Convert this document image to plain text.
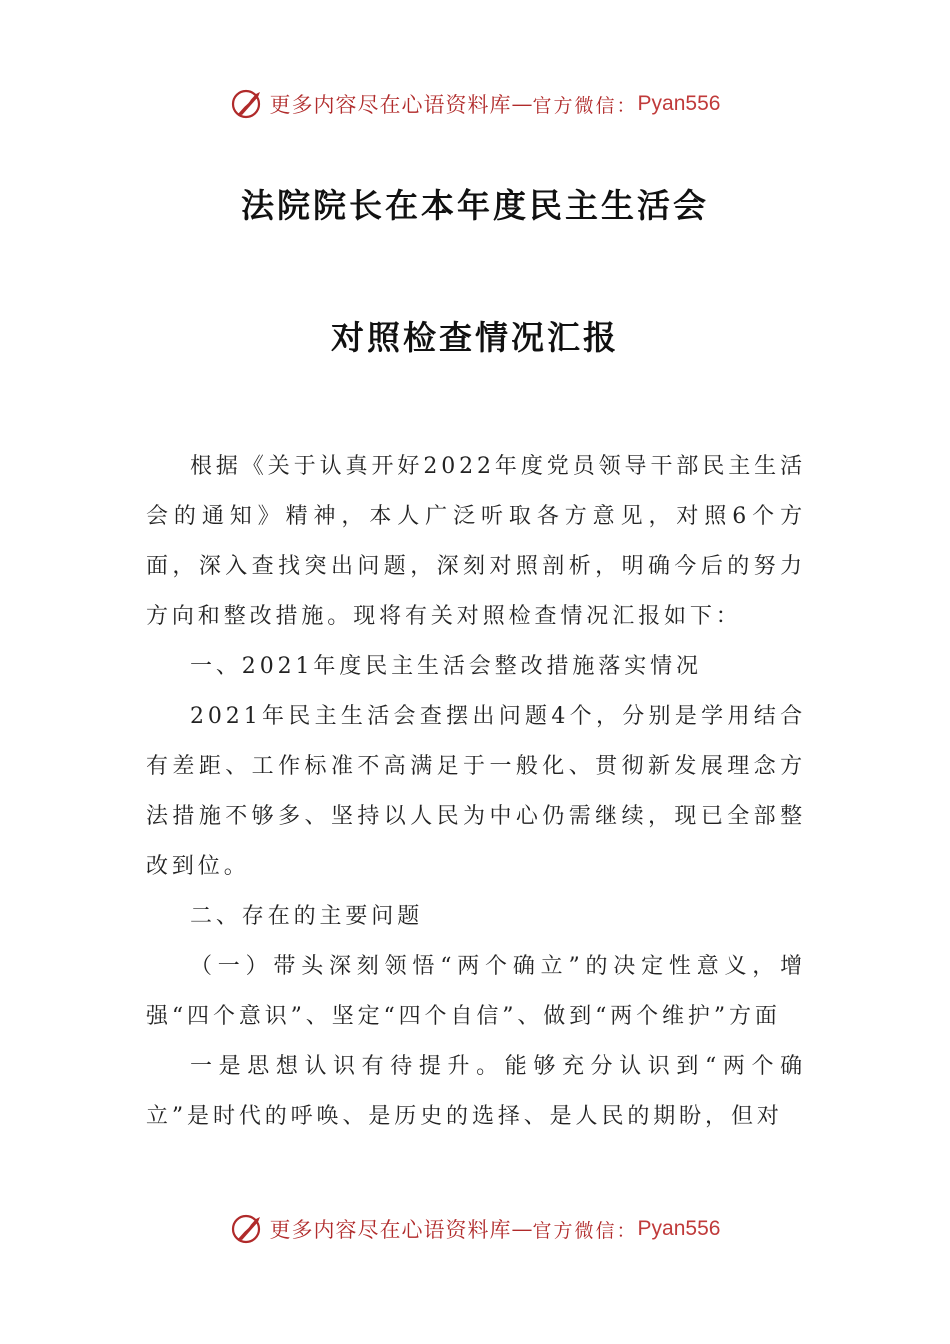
更多内容尽在心语资料库 — 官方微信： Pyan556
法院院长在本年度民主生活会
对照检查情况汇报

根据《关于认真开好2022年度党员领导干部民主生活会的通知》精神，本人广泛听取各方意见，对照6个方面，深入查找突出问题，深刻对照剖析，明确今后的努力方向和整改措施。现将有关对照检查情况汇报如下：

一、2021年度民主生活会整改措施落实情况

2021年民主生活会查摆出问题4个，分别是学用结合有差距、工作标准不高满足于一般化、贯彻新发展理念方法措施不够多、坚持以人民为中心仍需继续，现已全部整改到位。

二、存在的主要问题

（一）带头深刻领悟“两个确立”的决定性意义，增强“四个意识”、坚定“四个自信”、做到“两个维护”方面

一是思想认识有待提升。能够充分认识到“两个确立”是时代的呼唤、是历史的选择、是人民的期盼，但对

更多内容尽在心语资料库 — 官方微信： Pyan556
